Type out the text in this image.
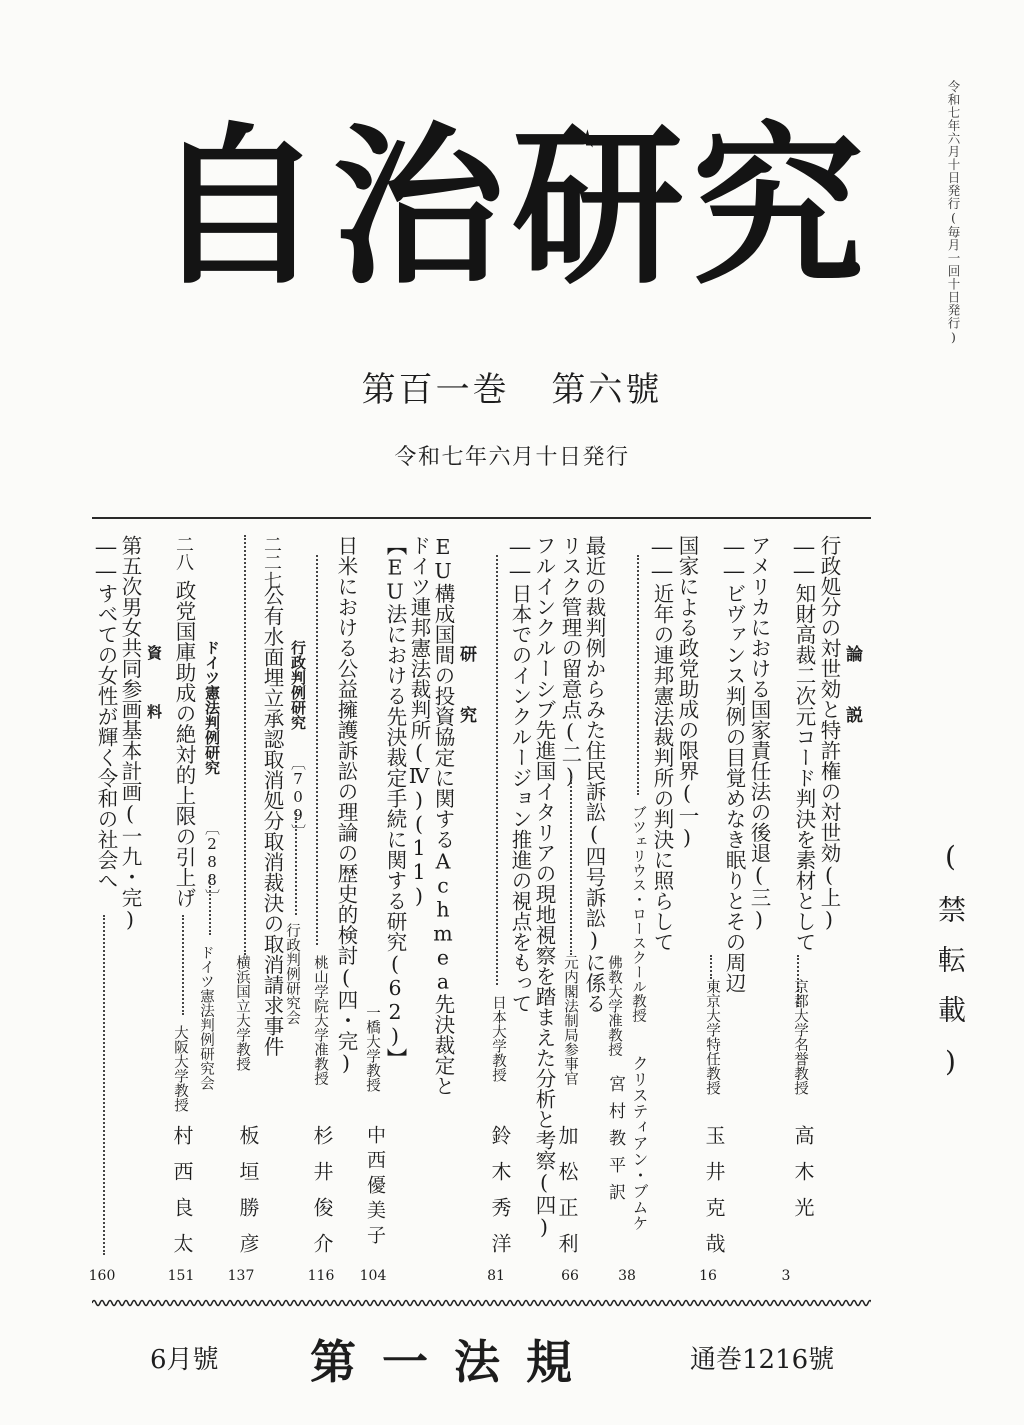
令和七年六月十日発行(毎月一回十日発行)
自治研究
第百一巻 第六號
令和七年六月十日発行
論説
行政処分の対世効と特許権の対世効(上)
――知財高裁二次元コード判決を素材として
京都大学名誉教授
高木光
3
アメリカにおける国家責任法の後退(三)
――ビヴァンス判例の目覚めなき眠りとその周辺
東京大学特任教授
玉井克哉
16
国家による政党助成の限界(一)
――近年の連邦憲法裁判所の判決に照らして
ブツェリウス・ロースクール教授
クリスティアン・ブムケ
佛教大学准教授
宮村教平訳
38
最近の裁判例からみた住民訴訟(四号訴訟)に係る
リスク管理の留意点(二)
元内閣法制局参事官
加松正利
66
フルインクルーシブ先進国イタリアの現地視察を踏まえた分析と考察(四)
――日本でのインクルージョン推進の視点をもって
日本大学教授
鈴木秀洋
81
研究
EU構成国間の投資協定に関するAchmea先決裁定と
ドイツ連邦憲法裁判所(Ⅳ)(11)
【EU法における先決裁定手続に関する研究(62)】
一橋大学教授
中西優美子
104
日米における公益擁護訴訟の理論の歴史的検討(四・完)
桃山学院大学准教授
杉井俊介
116
行政判例研究
〔709〕
行政判例研究会
二二七
公有水面埋立承認取消処分取消裁決の取消請求事件
横浜国立大学教授
板垣勝彦
137
ドイツ憲法判例研究
〔288〕
ドイツ憲法判例研究会
二八
政党国庫助成の絶対的上限の引上げ
大阪大学教授
村西良太
151
資料
第五次男女共同参画基本計画(一九・完)
――すべての女性が輝く令和の社会へ
160
(禁転載)
6月號 第一法規	通巻1216號
